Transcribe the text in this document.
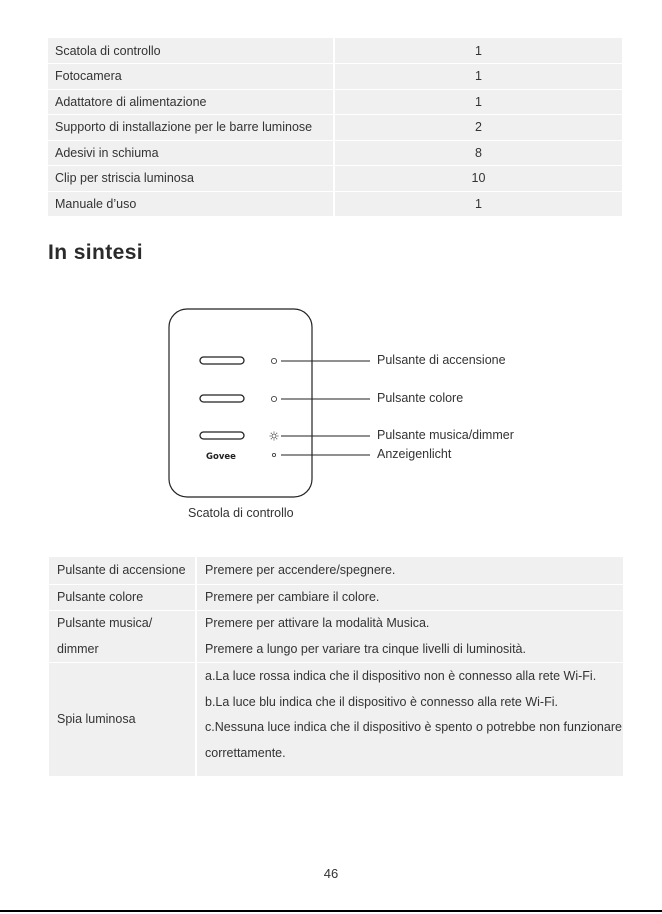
Scatola di controllo	1
Fotocamera	1
Adattatore di alimentazione	1
Supporto di installazione per le barre luminose	2
Adesivi in schiuma	8
Clip per striscia luminosa	10
Manuale d’uso	1
In sintesi
Govee
Pulsante di accensione
Pulsante colore
Pulsante musica/dimmer
Anzeigenlicht
Scatola di controllo
Pulsante di accensione	Premere per accendere/spegnere.
Pulsante colore	Premere per cambiare il colore.

Pulsante musica/
dimmer	Premere per attivare la modalità Musica.
Premere a lungo per variare tra cinque livelli di luminosità.

Spia luminosa	a.La luce rossa indica che il dispositivo non è connesso alla rete Wi-Fi.
b.La luce blu indica che il dispositivo è connesso alla rete Wi-Fi.
c.Nessuna luce indica che il dispositivo è spento o potrebbe non funzionare
correttamente.
46
